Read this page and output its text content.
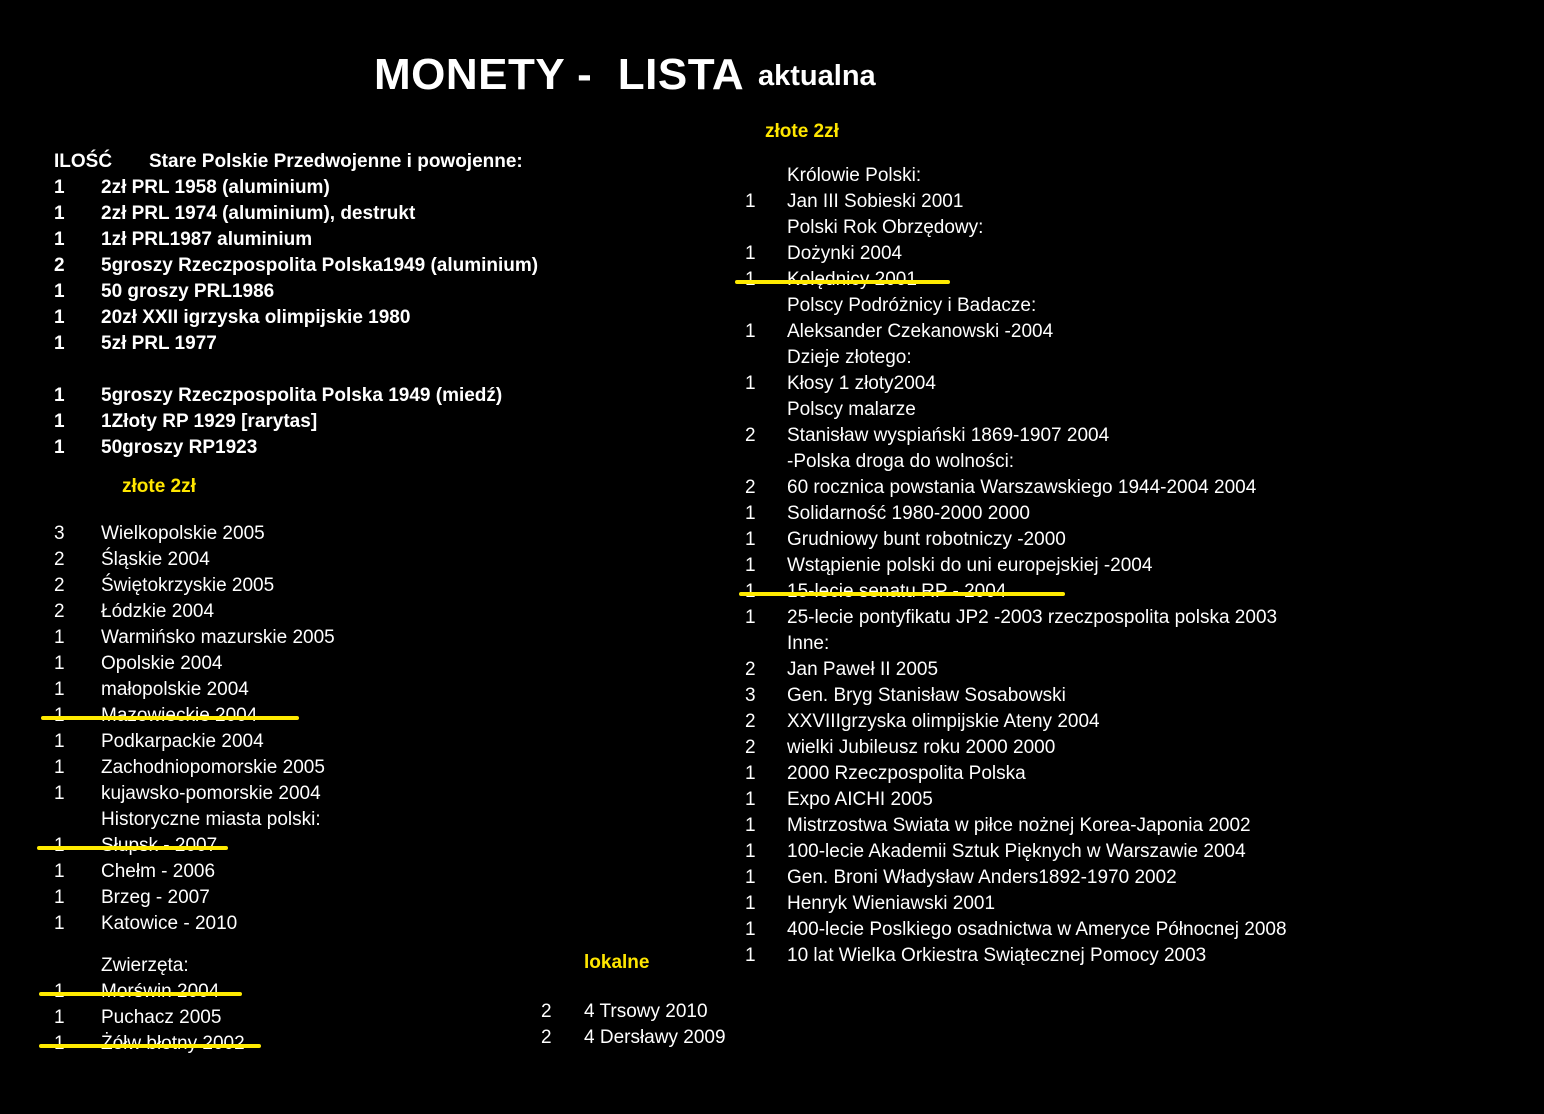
MONETY -  LISTA aktualna
złote 2zł
ILOŚĆ Stare Polskie Przedwojenne i powojenne:
1 2zł PRL 1958 (aluminium)
1 2zł PRL 1974 (aluminium), destrukt
1 1zł PRL1987 aluminium
2 5groszy Rzeczpospolita Polska1949 (aluminium)
1 50 groszy PRL1986
1 20zł XXII igrzyska olimpijskie 1980
1 5zł PRL 1977
1 5groszy Rzeczpospolita Polska 1949 (miedź)
1 1Złoty RP 1929 [rarytas]
1 50groszy RP1923
złote 2zł
3 Wielkopolskie 2005
2 Śląskie 2004
2 Świętokrzyskie 2005
2 Łódzkie 2004
1 Warmińsko mazurskie 2005
1 Opolskie 2004
1 małopolskie 2004
1 Mazowieckie 2004
1 Podkarpackie 2004
1 Zachodniopomorskie 2005
1 kujawsko-pomorskie 2004
Historyczne miasta polski:
1 Słupsk - 2007
1 Chełm - 2006
1 Brzeg - 2007
1 Katowice - 2010
Zwierzęta:
1 Morświn 2004
1 Puchacz 2005
1 Żółw błotny 2002
lokalne
2 4 Trsowy 2010
2 4 Dersławy 2009
Królowie Polski:
1 Jan III Sobieski 2001
Polski Rok Obrzędowy:
1 Dożynki 2004
1 Kolędnicy 2001
Polscy Podróżnicy i Badacze:
1 Aleksander Czekanowski -2004
Dzieje złotego:
1 Kłosy 1 złoty2004
Polscy malarze
2 Stanisław wyspiański 1869-1907 2004
-Polska droga do wolności:
2 60 rocznica powstania Warszawskiego 1944-2004 2004
1 Solidarność 1980-2000 2000
1 Grudniowy bunt robotniczy -2000
1 Wstąpienie polski do uni europejskiej -2004
1 15-lecie senatu RP - 2004
1 25-lecie pontyfikatu JP2 -2003 rzeczpospolita polska 2003
Inne:
2 Jan Paweł II 2005
3 Gen. Bryg Stanisław Sosabowski
2 XXVIIIgrzyska olimpijskie Ateny 2004
2 wielki Jubileusz roku 2000 2000
1 2000 Rzeczpospolita Polska
1 Expo AICHI 2005
1 Mistrzostwa Swiata w piłce nożnej Korea-Japonia 2002
1 100-lecie Akademii Sztuk Pięknych w Warszawie 2004
1 Gen. Broni Władysław Anders1892-1970 2002
1 Henryk Wieniawski 2001
1 400-lecie Poslkiego osadnictwa w Ameryce Północnej 2008
1 10 lat Wielka Orkiestra Swiątecznej Pomocy 2003
